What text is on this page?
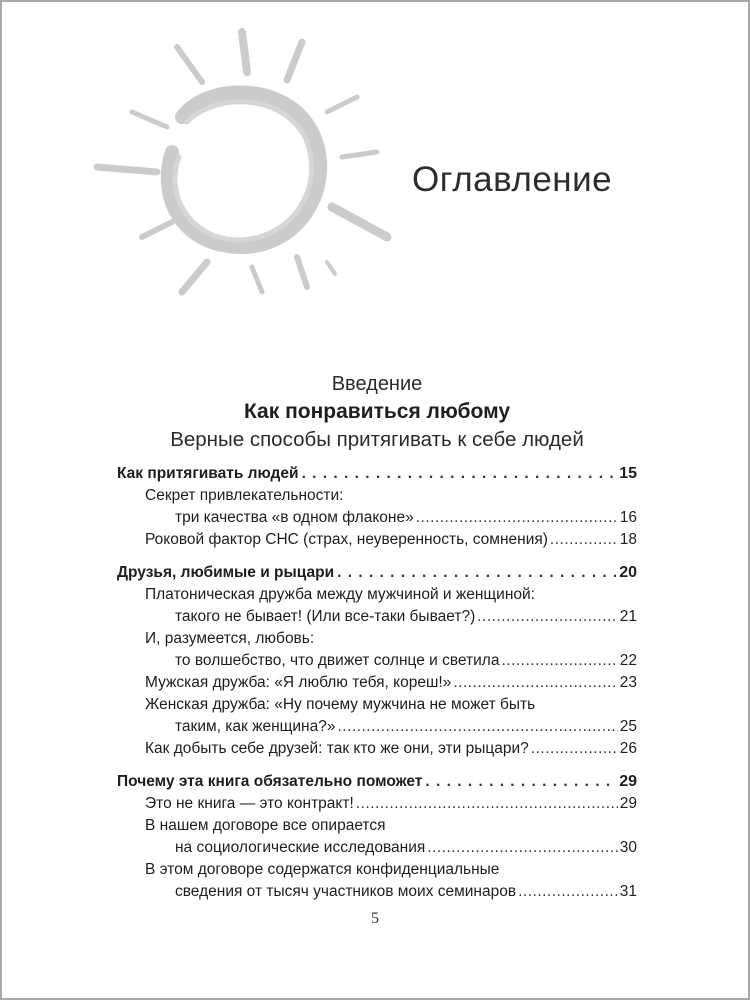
Оглавление
Введение
Как понравиться любому
Верные способы притягивать к себе людей
Как притягивать людей . . .	15
Секрет привлекательности:
три качества «в одном флаконе» .....	16
Роковой фактор СНС (страх, неуверенность, сомнения) .....	18
Друзья, любимые и рыцари . . .	20
Платоническая дружба между мужчиной и женщиной:
такого не бывает! (Или все-таки бывает?) .....	21
И, разумеется, любовь:
то волшебство, что движет солнце и светила .....	22
Мужская дружба: «Я люблю тебя, кореш!» .....	23
Женская дружба: «Ну почему мужчина не может быть
таким, как женщина?» .....	25
Как добыть себе друзей: так кто же они, эти рыцари? .....	26
Почему эта книга обязательно поможет . . .	29
Это не книга — это контракт! .....	29
В нашем договоре все опирается
на социологические исследования .....	30
В этом договоре содержатся конфиденциальные
сведения от тысяч участников моих семинаров .....	31
5
